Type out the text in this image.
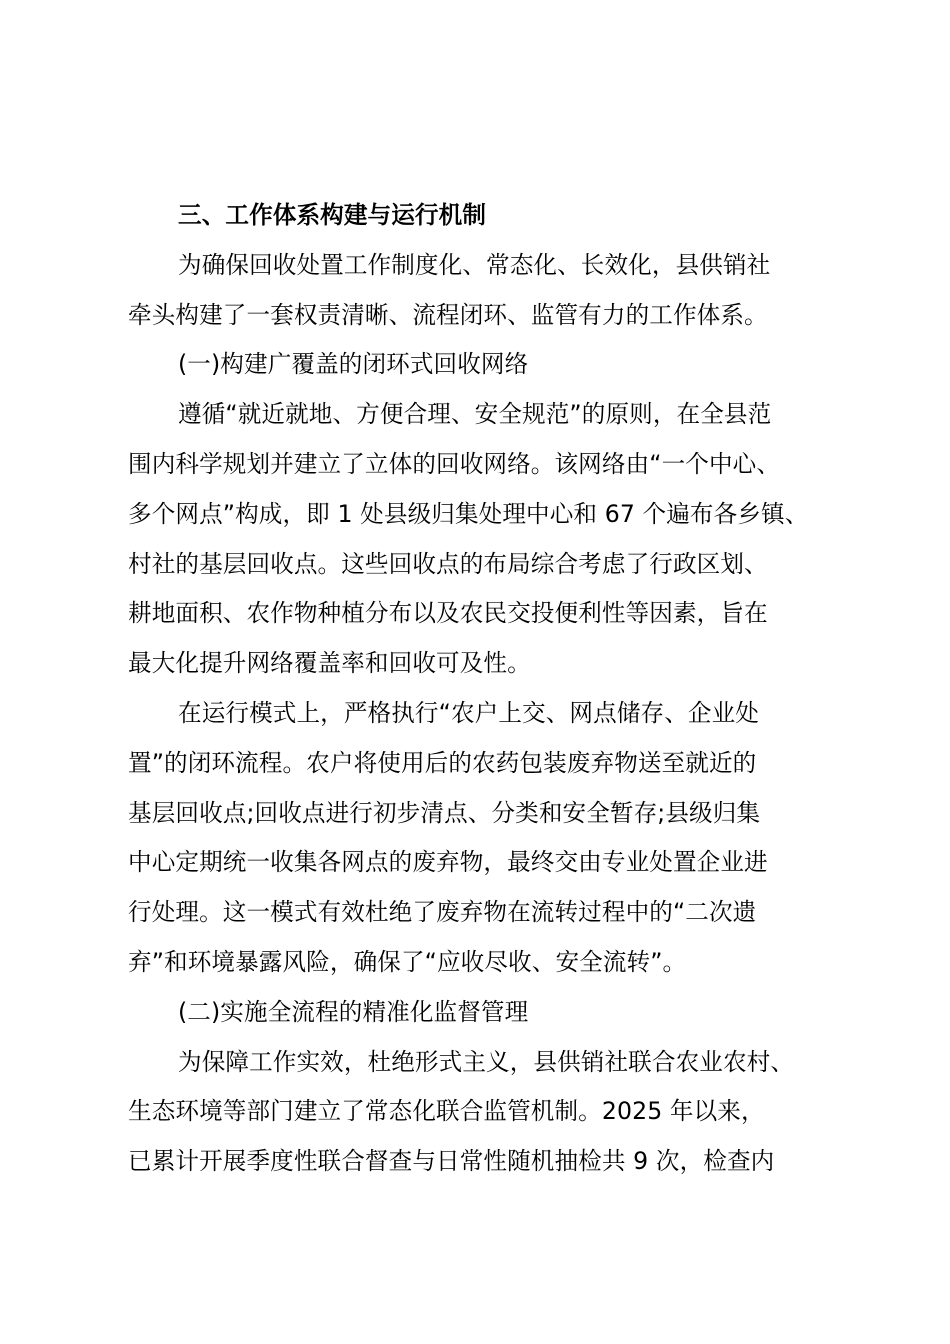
三、工作体系构建与运行机制
为确保回收处置工作制度化、常态化、长效化，县供销社
牵头构建了一套权责清晰、流程闭环、监管有力的工作体系。
(一)构建广覆盖的闭环式回收网络
遵循“就近就地、方便合理、安全规范”的原则，在全县范
围内科学规划并建立了立体的回收网络。该网络由“一个中心、
多个网点”构成，即 1 处县级归集处理中心和 67 个遍布各乡镇、
村社的基层回收点。这些回收点的布局综合考虑了行政区划、
耕地面积、农作物种植分布以及农民交投便利性等因素，旨在
最大化提升网络覆盖率和回收可及性。
在运行模式上，严格执行“农户上交、网点储存、企业处
置”的闭环流程。农户将使用后的农药包装废弃物送至就近的
基层回收点;回收点进行初步清点、分类和安全暂存;县级归集
中心定期统一收集各网点的废弃物，最终交由专业处置企业进
行处理。这一模式有效杜绝了废弃物在流转过程中的“二次遗
弃”和环境暴露风险，确保了“应收尽收、安全流转”。
(二)实施全流程的精准化监督管理
为保障工作实效，杜绝形式主义，县供销社联合农业农村、
生态环境等部门建立了常态化联合监管机制。2025 年以来，
已累计开展季度性联合督查与日常性随机抽检共 9 次，检查内
